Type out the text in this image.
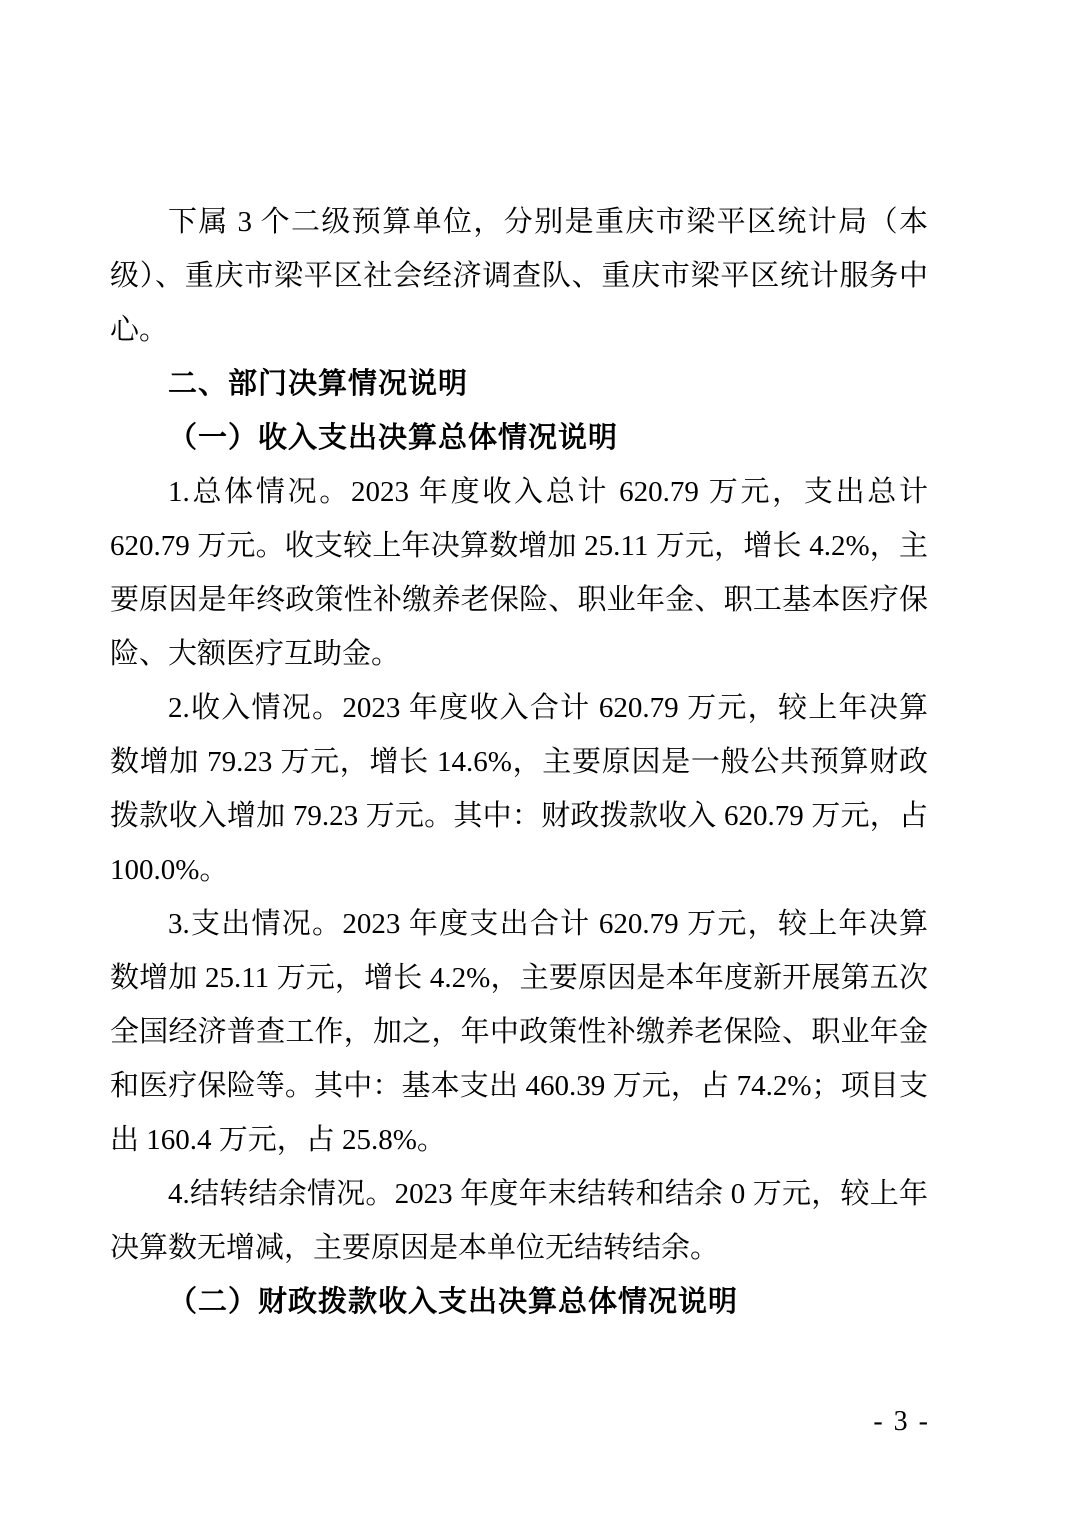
下属 3 个二级预算单位，分别是重庆市梁平区统计局（本
级）、重庆市梁平区社会经济调查队、重庆市梁平区统计服务中
心。
二、部门决算情况说明
（一）收入支出决算总体情况说明
1.总体情况。2023 年度收入总计 620.79 万元，支出总计
620.79 万元。收支较上年决算数增加 25.11 万元，增长 4.2%，主
要原因是年终政策性补缴养老保险、职业年金、职工基本医疗保
险、大额医疗互助金。
2.收入情况。2023 年度收入合计 620.79 万元，较上年决算
数增加 79.23 万元，增长 14.6%，主要原因是一般公共预算财政
拨款收入增加 79.23 万元。其中：财政拨款收入 620.79 万元，占
100.0%。
3.支出情况。2023 年度支出合计 620.79 万元，较上年决算
数增加 25.11 万元，增长 4.2%，主要原因是本年度新开展第五次
全国经济普查工作，加之，年中政策性补缴养老保险、职业年金
和医疗保险等。其中：基本支出 460.39 万元，占 74.2%；项目支
出 160.4 万元，占 25.8%。
4.结转结余情况。2023 年度年末结转和结余 0 万元，较上年
决算数无增减，主要原因是本单位无结转结余。
（二）财政拨款收入支出决算总体情况说明
- 3 -
